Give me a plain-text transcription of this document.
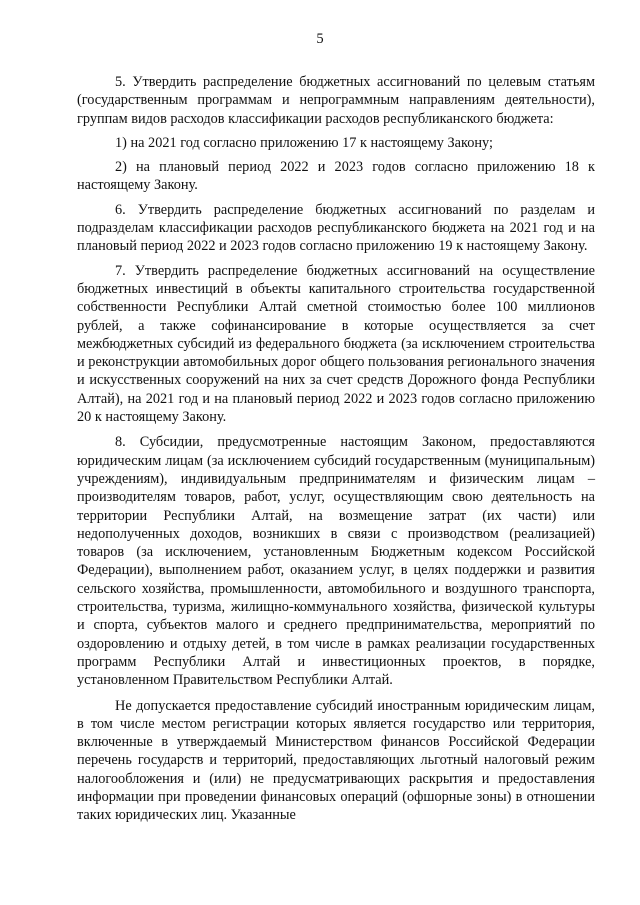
5

5. Утвердить распределение бюджетных ассигнований по целевым статьям (государственным программам и непрограммным направлениям деятельности), группам видов расходов классификации расходов республиканского бюджета:

1) на 2021 год согласно приложению 17 к настоящему Закону;

2) на плановый период 2022 и 2023 годов согласно приложению 18 к настоящему Закону.

6. Утвердить распределение бюджетных ассигнований по разделам и подразделам классификации расходов республиканского бюджета на 2021 год и на плановый период 2022 и 2023 годов согласно приложению 19 к настоящему Закону.

7. Утвердить распределение бюджетных ассигнований на осуществление бюджетных инвестиций в объекты капитального строительства государственной собственности Республики Алтай сметной стоимостью более 100 миллионов рублей, а также софинансирование в которые осуществляется за счет межбюджетных субсидий из федерального бюджета (за исключением строительства и реконструкции автомобильных дорог общего пользования регионального значения и искусственных сооружений на них за счет средств Дорожного фонда Республики Алтай), на 2021 год и на плановый период 2022 и 2023 годов согласно приложению 20 к настоящему Закону.

8. Субсидии, предусмотренные настоящим Законом, предоставляются юридическим лицам (за исключением субсидий государственным (муниципальным) учреждениям), индивидуальным предпринимателям и физическим лицам – производителям товаров, работ, услуг, осуществляющим свою деятельность на территории Республики Алтай, на возмещение затрат (их части) или недополученных доходов, возникших в связи с производством (реализацией) товаров (за исключением, установленным Бюджетным кодексом Российской Федерации), выполнением работ, оказанием услуг, в целях поддержки и развития сельского хозяйства, промышленности, автомобильного и воздушного транспорта, строительства, туризма, жилищно-коммунального хозяйства, физической культуры и спорта, субъектов малого и среднего предпринимательства, мероприятий по оздоровлению и отдыху детей, в том числе в рамках реализации государственных программ Республики Алтай и инвестиционных проектов, в порядке, установленном Правительством Республики Алтай.

Не допускается предоставление субсидий иностранным юридическим лицам, в том числе местом регистрации которых является государство или территория, включенные в утверждаемый Министерством финансов Российской Федерации перечень государств и территорий, предоставляющих льготный налоговый режим налогообложения и (или) не предусматривающих раскрытия и предоставления информации при проведении финансовых операций (офшорные зоны) в отношении таких юридических лиц. Указанные
